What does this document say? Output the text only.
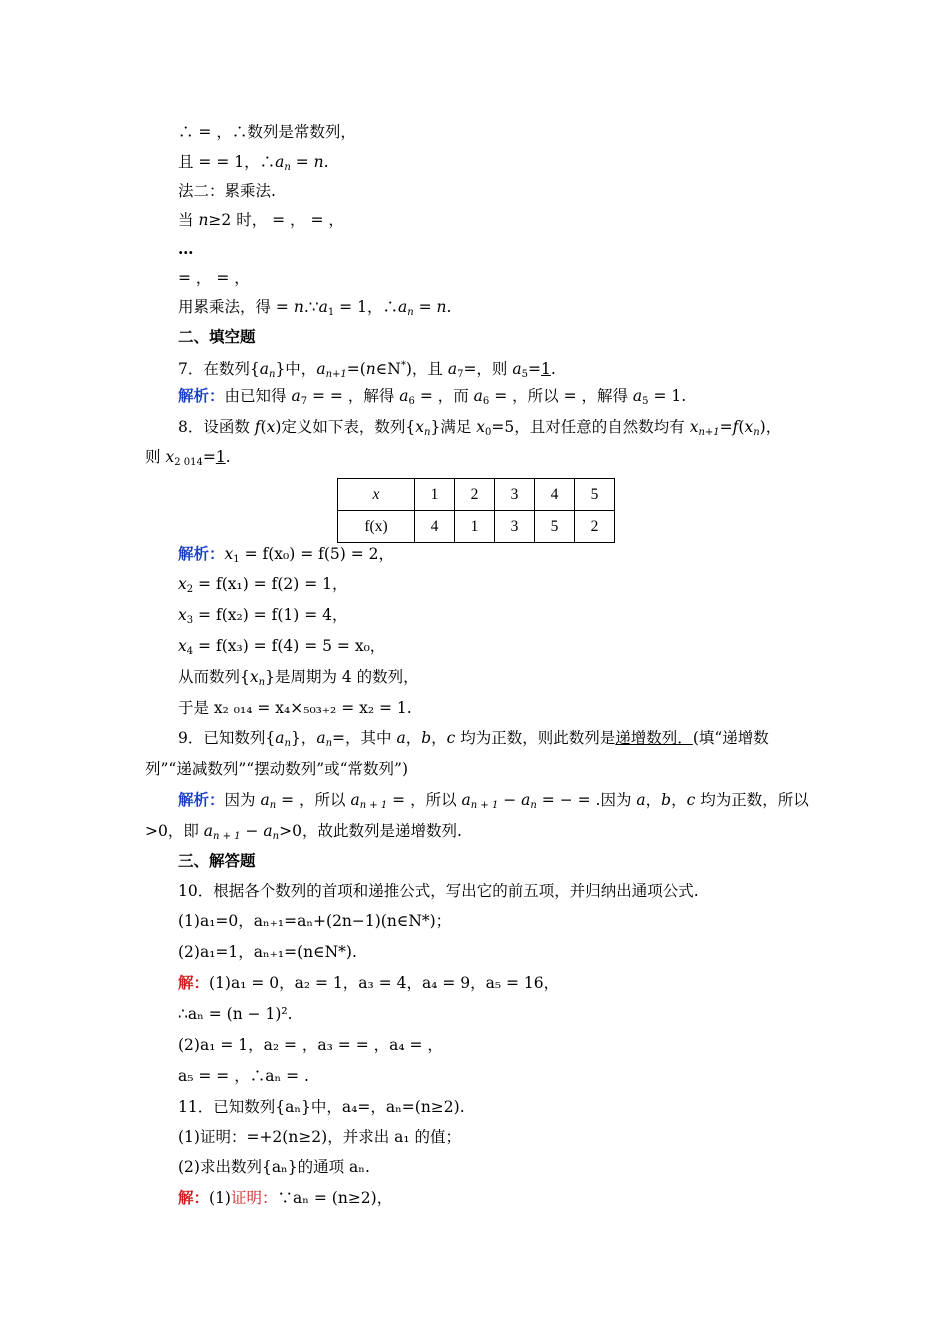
∴ = ，∴数列是常数列，
且 = = 1，$\therefore a_n = n$.
法二：累乘法.
当 n≥2 时， = ， = ，
…
= ， = ，
用累乘法，得 = $n.\because a_1 = 1$，$\therefore a_n = n$.
二、填空题
7．在数列$\{a_n\}$中，$a_{n+1}=(n\in N^*)$，且 $a_7=$，则 $a_5=1$.
解析：由已知得 $a_7$ = = ，解得 $a_6$ = ，而 $a_6$ = ，所以 = ，解得 $a_5 = 1$.
8．设函数 f(x)定义如下表，数列$\{x_n\}$满足 $x_0=5$，且对任意的自然数均有 $x_{n+1}=f(x_n)$，
则 $x_{2 014}=1$.
x	1	2	3	4	5
f(x)	4	1	3	5	2
解析：$x_1 = f(x_0) = f(5) = 2$，
$x_2 = f(x_1) = f(2) = 1$，
$x_3 = f(x_2) = f(1) = 4$，
$x_4 = f(x_3) = f(4) = 5 = x_0$，
从而数列$\{x_n\}$是周期为 4 的数列，
于是 x₂ ₀₁₄ = x₄×₅₀₃₊₂ = x₂ = 1.
9．已知数列$\{a_n\}$，$a_n=$，其中 a，b，c 均为正数，则此数列是递增数列．(填“递增数
列”“递减数列”“摆动数列”或“常数列”)
解析：因为 $a_n$ = ，所以 $a_{n + 1}$ = ，所以 $a_{n + 1} - a_n$ = − = .因为 a，b，c 均为正数，所以
>0，即 $a_{n + 1} - a_n>0$，故此数列是递增数列.
三、解答题
10．根据各个数列的首项和递推公式，写出它的前五项，并归纳出通项公式.
(1)a₁=0，aₙ₊₁=aₙ+(2n−1)(n∈N*)；
(2)a₁=1，aₙ₊₁=(n∈N*).
解：(1)a₁ = 0，a₂ = 1，a₃ = 4，a₄ = 9，a₅ = 16，
∴aₙ = (n − 1)².
(2)a₁ = 1，a₂ = ，a₃ = = ，a₄ = ，
a₅ = = ，∴aₙ = .
11．已知数列{aₙ}中，a₄=，aₙ=(n≥2).
(1)证明：=+2(n≥2)，并求出 a₁ 的值；
(2)求出数列{aₙ}的通项 aₙ.
解：(1)证明：∵aₙ = (n≥2)，
